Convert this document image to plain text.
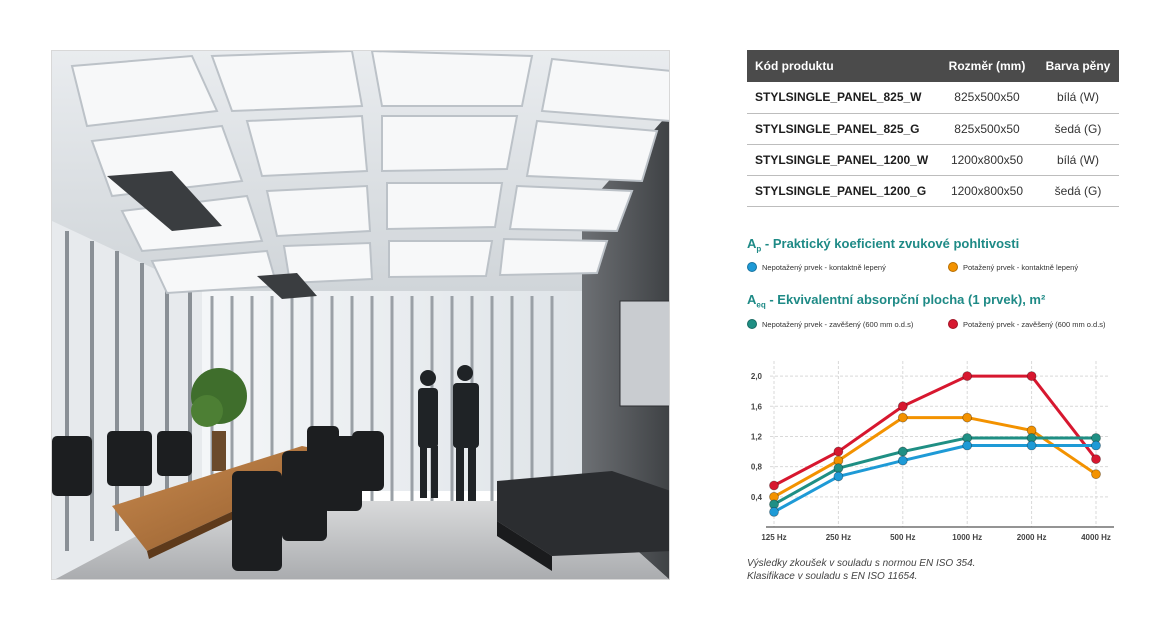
Kód produktu	Rozměr (mm)	Barva pěny
STYLSINGLE_PANEL_825_W	825x500x50	bílá (W)
STYLSINGLE_PANEL_825_G	825x500x50	šedá (G)
STYLSINGLE_PANEL_1200_W	1200x800x50	bílá (W)
STYLSINGLE_PANEL_1200_G	1200x800x50	šedá (G)
$A_p$ - Praktický koeficient zvukové pohltivosti
Nepotažený prvek - kontaktně lepený	Potažený prvek - kontaktně lepený
$A_{eq}$ - Ekvivalentní absorpční plocha (1 prvek), m²
Nepotažený prvek - zavěšený (600 mm o.d.s)	Potažený prvek - zavěšený (600 mm o.d.s)
0,4
0,8
1,2
1,6
2,0
125 Hz	250 Hz	500 Hz	1000 Hz	2000 Hz	4000 Hz
Výsledky zkoušek v souladu s normou EN ISO 354.
Klasifikace v souladu s EN ISO 11654.
